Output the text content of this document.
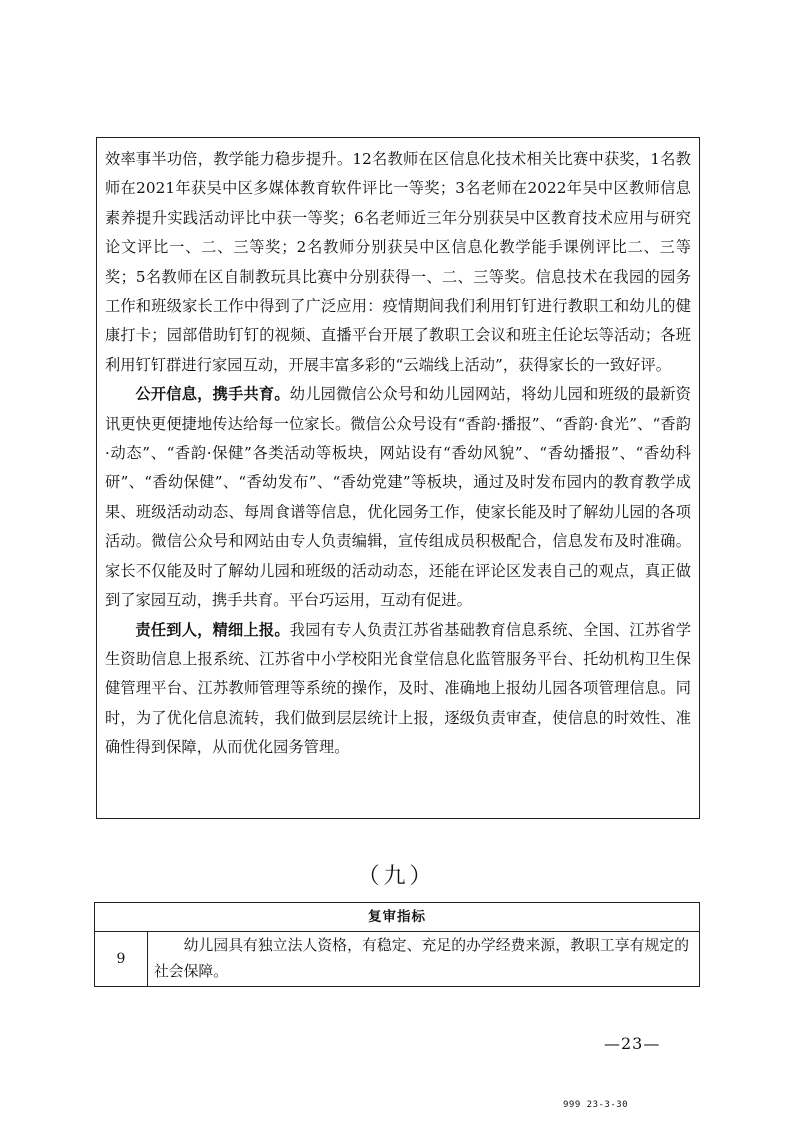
效率事半功倍，教学能力稳步提升。12名教师在区信息化技术相关比赛中获奖，1名教师在2021年获吴中区多媒体教育软件评比一等奖；3名老师在2022年吴中区教师信息素养提升实践活动评比中获一等奖；6名老师近三年分别获吴中区教育技术应用与研究论文评比一、二、三等奖；2名教师分别获吴中区信息化教学能手课例评比二、三等奖；5名教师在区自制教玩具比赛中分别获得一、二、三等奖。信息技术在我园的园务工作和班级家长工作中得到了广泛应用：疫情期间我们利用钉钉进行教职工和幼儿的健康打卡；园部借助钉钉的视频、直播平台开展了教职工会议和班主任论坛等活动；各班利用钉钉群进行家园互动，开展丰富多彩的“云端线上活动”，获得家长的一致好评。

公开信息，携手共育。幼儿园微信公众号和幼儿园网站，将幼儿园和班级的最新资讯更快更便捷地传达给每一位家长。微信公众号设有“香韵·播报”、“香韵·食光”、“香韵·动态”、“香韵·保健”各类活动等板块，网站设有“香幼风貌”、“香幼播报”、“香幼科研”、“香幼保健”、“香幼发布”、“香幼党建”等板块，通过及时发布园内的教育教学成果、班级活动动态、每周食谱等信息，优化园务工作，使家长能及时了解幼儿园的各项活动。微信公众号和网站由专人负责编辑，宣传组成员积极配合，信息发布及时准确。家长不仅能及时了解幼儿园和班级的活动动态，还能在评论区发表自己的观点，真正做到了家园互动，携手共育。平台巧运用，互动有促进。

责任到人，精细上报。我园有专人负责江苏省基础教育信息系统、全国、江苏省学生资助信息上报系统、江苏省中小学校阳光食堂信息化监管服务平台、托幼机构卫生保健管理平台、江苏教师管理等系统的操作，及时、准确地上报幼儿园各项管理信息。同时，为了优化信息流转，我们做到层层统计上报，逐级负责审查，使信息的时效性、准确性得到保障，从而优化园务管理。

（九）
复审指标
9
幼儿园具有独立法人资格，有稳定、充足的办学经费来源，教职工享有规定的社会保障。
—23—
999 23-3-30
